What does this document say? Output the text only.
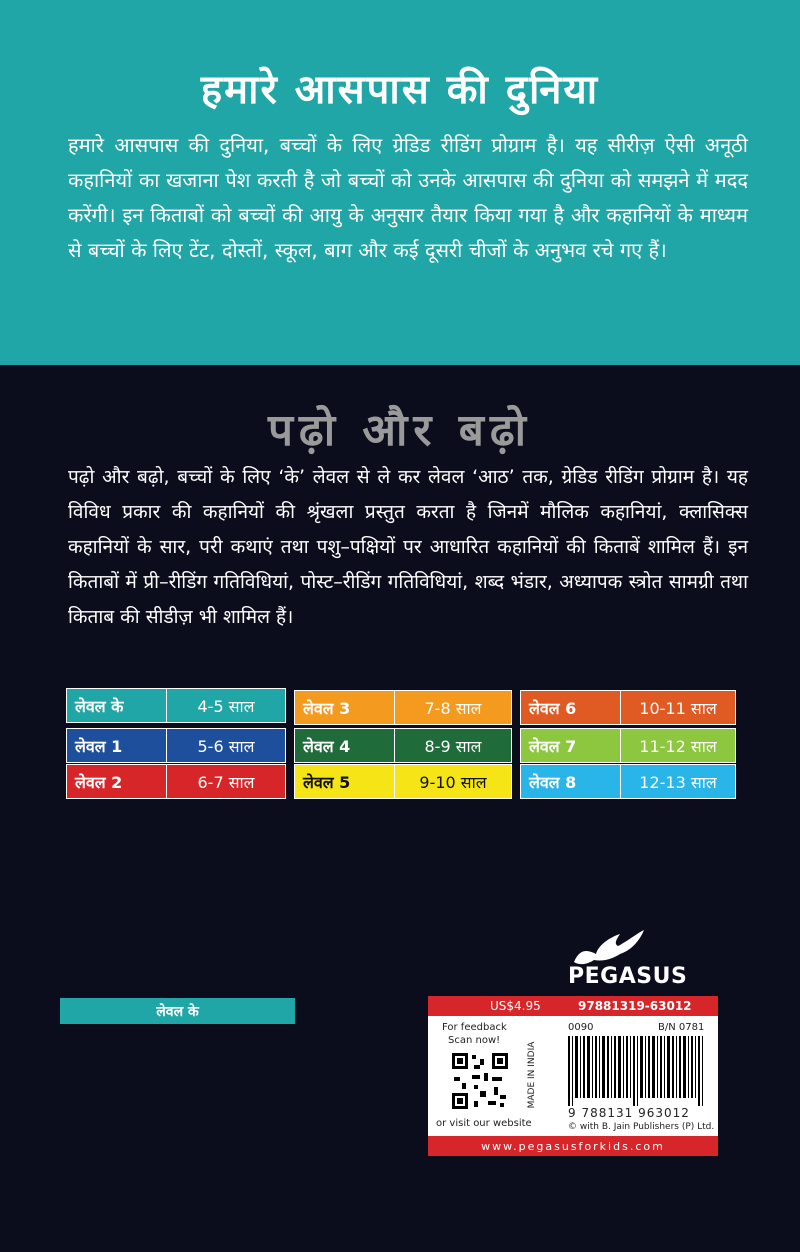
हमारे आसपास की दुनिया

हमारे आसपास की दुनिया, बच्चों के लिए ग्रेडिड रीडिंग प्रोग्राम है। यह सीरीज़ ऐसी अनूठी कहानियों का खजाना पेश करती है जो बच्चों को उनके आसपास की दुनिया को समझने में मदद करेंगी। इन किताबों को बच्चों की आयु के अनुसार तैयार किया गया है और कहानियों के माध्यम से बच्चों के लिए टेंट, दोस्तों, स्कूल, बाग और कई दूसरी चीजों के अनुभव रचे गए हैं।

पढ़ो और बढ़ो

पढ़ो और बढ़ो, बच्चों के लिए ‘के’ लेवल से ले कर लेवल ‘आठ’ तक, ग्रेडिड रीडिंग प्रोग्राम है। यह विविध प्रकार की कहानियों की श्रृंखला प्रस्तुत करता है जिनमें मौलिक कहानियां, क्लासिक्स कहानियों के सार, परी कथाएं तथा पशु–पक्षियों पर आधारित कहानियों की किताबें शामिल हैं। इन किताबों में प्री–रीडिंग गतिविधियां, पोस्ट–रीडिंग गतिविधियां, शब्द भंडार, अध्यापक स्त्रोत सामग्री तथा किताब की सीडीज़ भी शामिल हैं।

लेवल के	4-5 साल
लेवल 1	5-6 साल
लेवल 2	6-7 साल
लेवल 3	7-8 साल
लेवल 4	8-9 साल
लेवल 5	9-10 साल
लेवल 6	10-11 साल
लेवल 7	11-12 साल
लेवल 8	12-13 साल
लेवल के
PEGASUS
US$4.95	97881319-63012
For feedback
Scan now!
or visit our website
MADE IN INDIA
0090	B/N 0781
9 788131 963012
© with B. Jain Publishers (P) Ltd.
www.pegasusforkids.com
